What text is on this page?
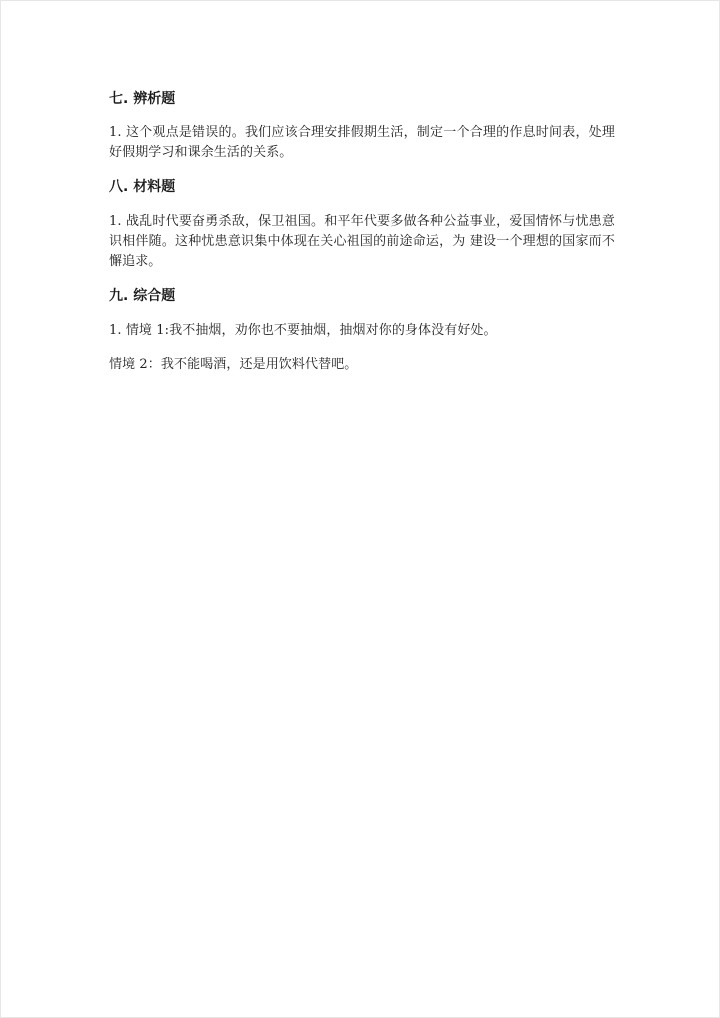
七. 辨析题

1. 这个观点是错误的。我们应该合理安排假期生活，制定一个合理的作息时间表，处理好假期学习和课余生活的关系。

八. 材料题

1. 战乱时代要奋勇杀敌，保卫祖国。和平年代要多做各种公益事业，爱国情怀与忧患意识相伴随。这种忧患意识集中体现在关心祖国的前途命运，为 建设一个理想的国家而不懈追求。

九. 综合题

1. 情境 1:我不抽烟，劝你也不要抽烟，抽烟对你的身体没有好处。

情境 2：我不能喝酒，还是用饮料代替吧。
